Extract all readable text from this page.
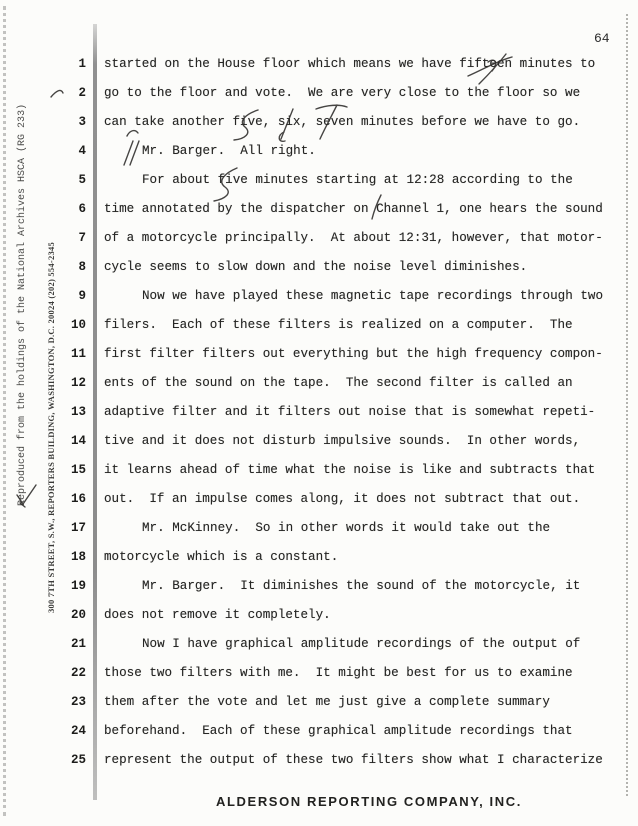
Reproduced from the holdings of the National Archives HSCA (RG 233) 300 7TH STREET, S.W., REPORTERS BUILDING, WASHINGTON, D.C. 20024 (202) 554-2345
64
1 started on the House floor which means we have fifteen minutes to
2 go to the floor and vote.  We are very close to the floor so we
3 can take another five, six, seven minutes before we have to go.
4	Mr. Barger.  All right.
5	For about five minutes starting at 12:28 according to the
6 time annotated by the dispatcher on Channel 1, one hears the sound
7 of a motorcycle principally.  At about 12:31, however, that motor-
8 cycle seems to slow down and the noise level diminishes.
9	Now we have played these magnetic tape recordings through two
10 filers.  Each of these filters is realized on a computer.  The
11 first filter filters out everything but the high frequency compon-
12 ents of the sound on the tape.  The second filter is called an
13 adaptive filter and it filters out noise that is somewhat repeti-
14 tive and it does not disturb impulsive sounds.  In other words,
15 it learns ahead of time what the noise is like and subtracts that
16 out.  If an impulse comes along, it does not subtract that out.
17	Mr. McKinney.  So in other words it would take out the
18 motorcycle which is a constant.
19	Mr. Barger.  It diminishes the sound of the motorcycle, it
20 does not remove it completely.
21	Now I have graphical amplitude recordings of the output of
22 those two filters with me.  It might be best for us to examine
23 them after the vote and let me just give a complete summary
24 beforehand.  Each of these graphical amplitude recordings that
25 represent the output of these two filters show what I characterize
ALDERSON REPORTING COMPANY, INC.
